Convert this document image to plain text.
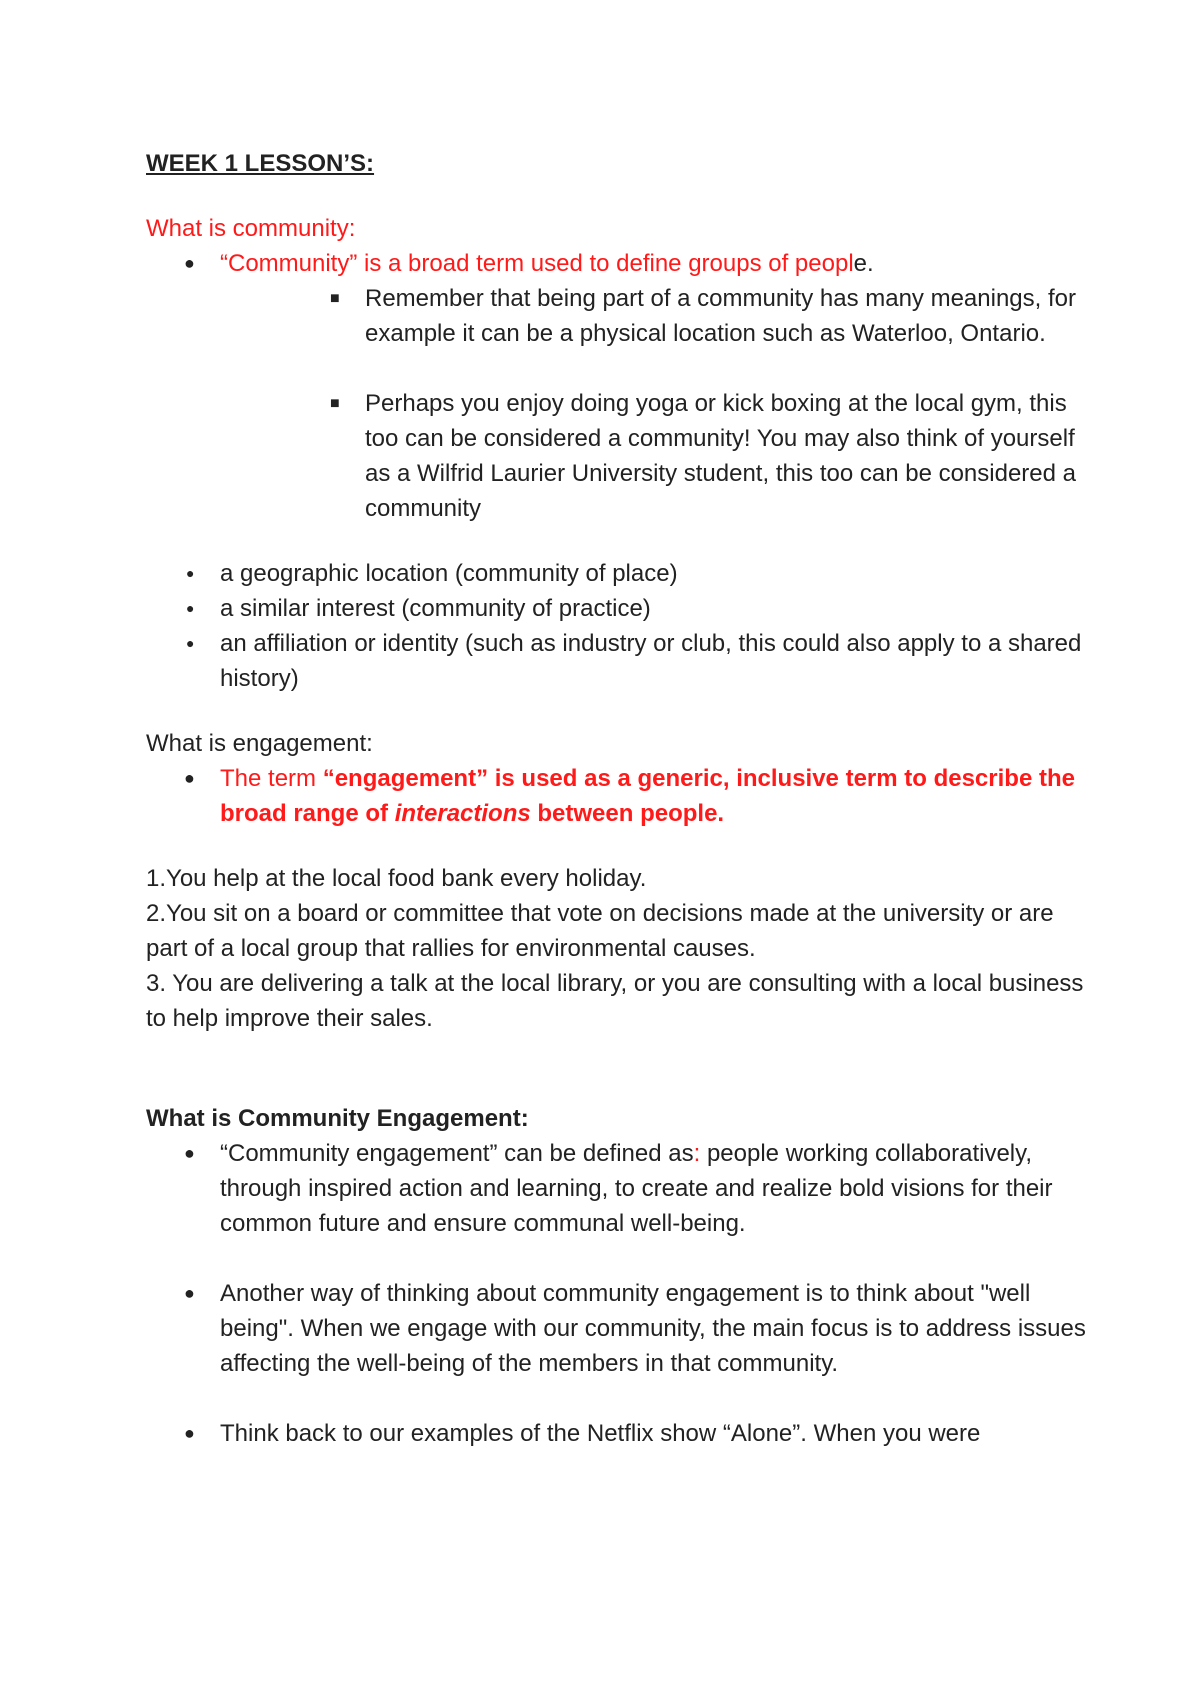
WEEK 1 LESSON’S:

What is community:

● “Community” is a broad term used to define groups of people.
■ Remember that being part of a community has many meanings, for example it can be a physical location such as Waterloo, Ontario.
■ Perhaps you enjoy doing yoga or kick boxing at the local gym, this too can be considered a community! You may also think of yourself as a Wilfrid Laurier University student, this too can be considered a community
● a geographic location (community of place)
● a similar interest (community of practice)
● an affiliation or identity (such as industry or club, this could also apply to a shared history)

What is engagement:

● The term “engagement” is used as a generic, inclusive term to describe the broad range of interactions between people.

1.You help at the local food bank every holiday.

2.You sit on a board or committee that vote on decisions made at the university or are part of a local group that rallies for environmental causes.

3. You are delivering a talk at the local library, or you are consulting with a local business to help improve their sales.

What is Community Engagement:

● “Community engagement” can be defined as: people working collaboratively, through inspired action and learning, to create and realize bold visions for their common future and ensure communal well-being.
● Another way of thinking about community engagement is to think about "well being". When we engage with our community, the main focus is to address issues affecting the well-being of the members in that community.
● Think back to our examples of the Netflix show “Alone”. When you were
